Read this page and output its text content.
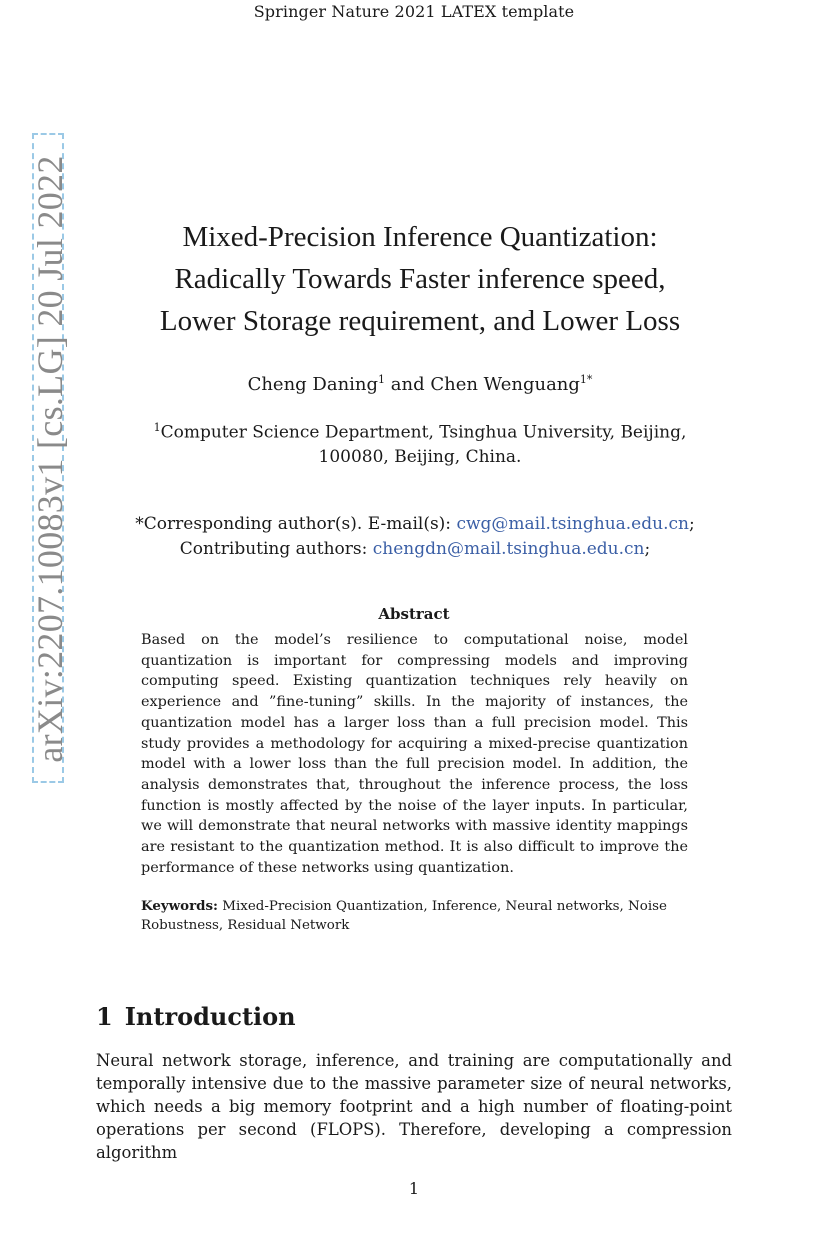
Springer Nature 2021 LATEX template
arXiv:2207.10083v1 [cs.LG] 20 Jul 2022	Mixed-Precision Inference Quantization:
Radically Towards Faster inference speed,
Lower Storage requirement, and Lower Loss
Cheng Daning$^1$ and Chen Wenguang$^{1*}$
$^1$Computer Science Department, Tsinghua University, Beijing,
100080, Beijing, China.
*Corresponding author(s). E-mail(s): cwg@mail.tsinghua.edu.cn;
Contributing authors: chengdn@mail.tsinghua.edu.cn;
Abstract
Based on the model’s resilience to computational noise, model quantization is important for compressing models and improving computing speed. Existing quantization techniques rely heavily on experience and ”fine-tuning” skills. In the majority of instances, the quantization model has a larger loss than a full precision model. This study provides a methodology for acquiring a mixed-precise quantization model with a lower loss than the full precision model. In addition, the analysis demonstrates that, throughout the inference process, the loss function is mostly affected by the noise of the layer inputs. In particular, we will demonstrate that neural networks with massive identity mappings are resistant to the quantization method. It is also difficult to improve the performance of these networks using quantization.
Keywords: Mixed-Precision Quantization, Inference, Neural networks, Noise Robustness, Residual Network
1 Introduction
Neural network storage, inference, and training are computationally and temporally intensive due to the massive parameter size of neural networks, which needs a big memory footprint and a high number of floating-point operations per second (FLOPS). Therefore, developing a compression algorithm
1
